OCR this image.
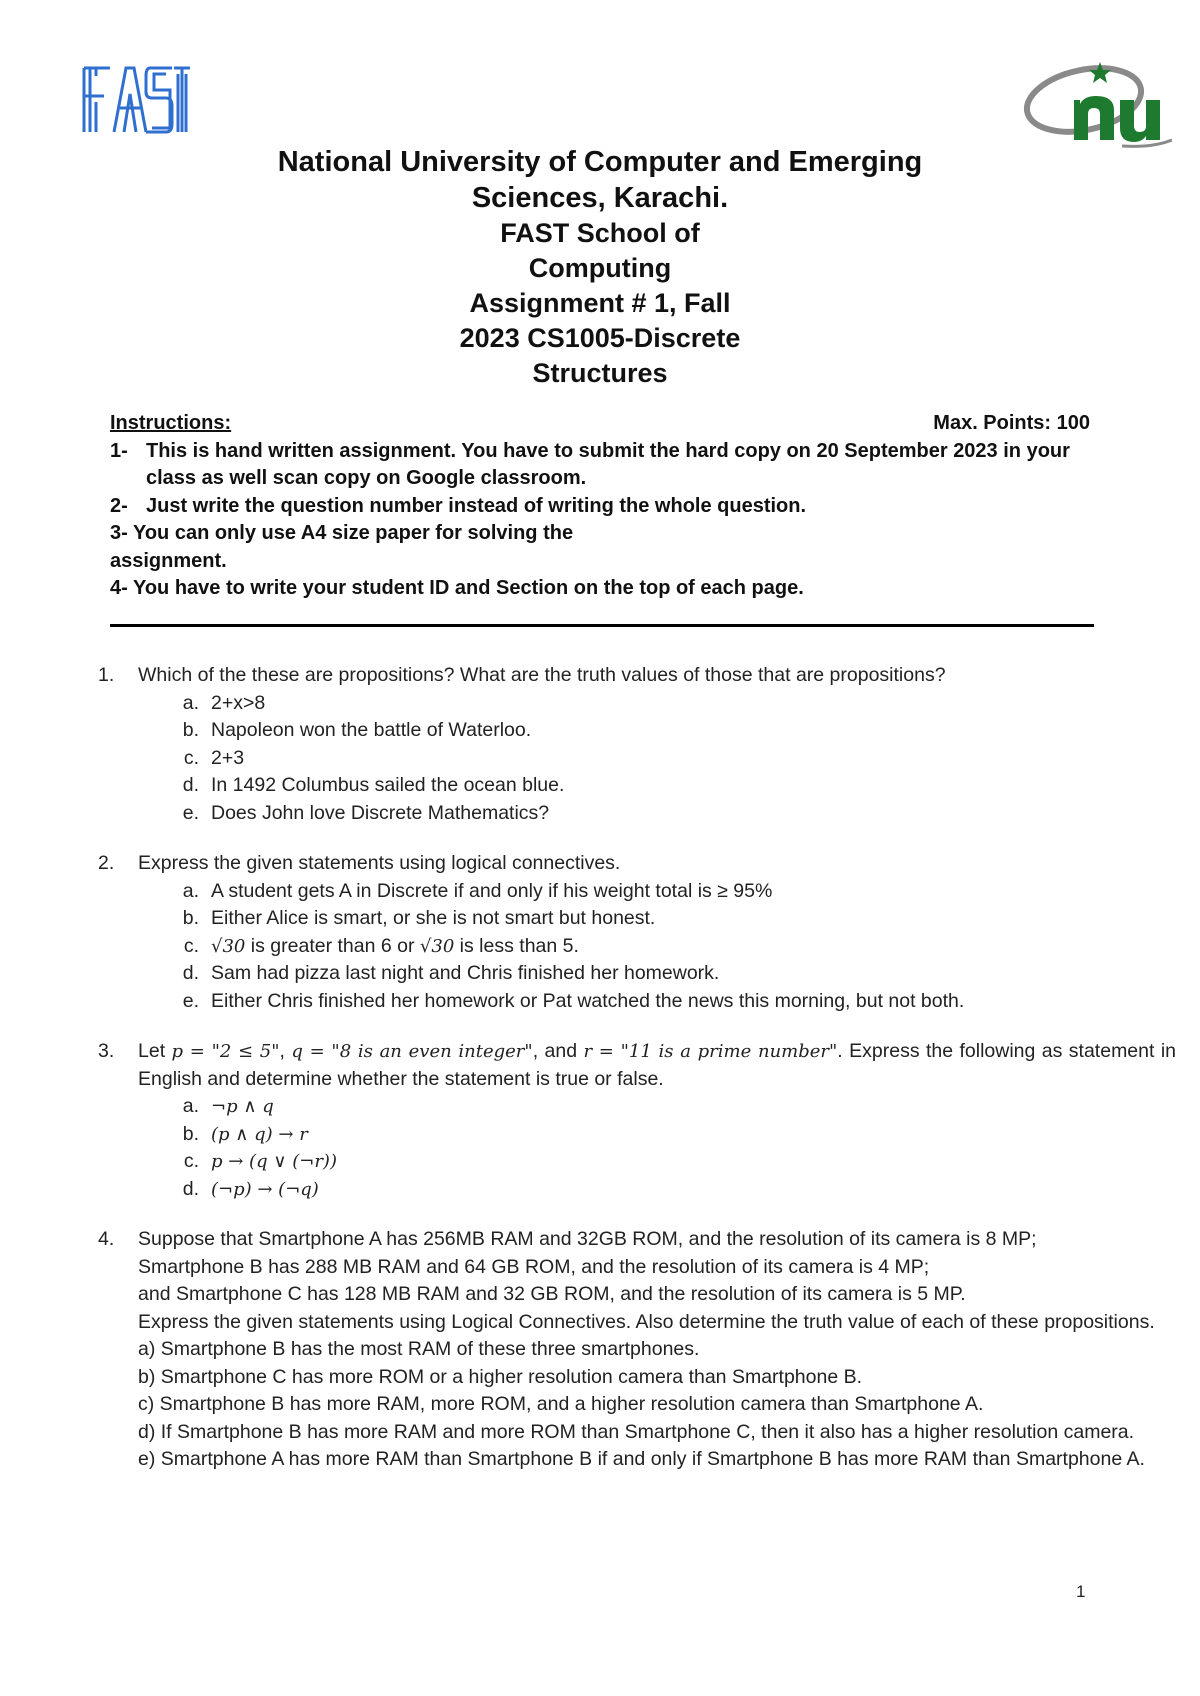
National University of Computer and Emerging
Sciences, Karachi.
FAST School of
Computing
Assignment # 1, Fall
2023 CS1005-Discrete
Structures
Instructions:	Max. Points: 100
1- This is hand written assignment. You have to submit the hard copy on 20 September 2023 in your class as well scan copy on Google classroom.
2- Just write the question number instead of writing the whole question.
3- You can only use A4 size paper for solving the
assignment.
4- You have to write your student ID and Section on the top of each page.
1.	Which of the these are propositions? What are the truth values of those that are propositions?
a. 2+x>8
b. Napoleon won the battle of Waterloo.
c. 2+3
d. In 1492 Columbus sailed the ocean blue.
e. Does John love Discrete Mathematics?
2.	Express the given statements using logical connectives.
a. A student gets A in Discrete if and only if his weight total is ≥ 95%
b. Either Alice is smart, or she is not smart but honest.
c. √30 is greater than 6 or √30 is less than 5.
d. Sam had pizza last night and Chris finished her homework.
e. Either Chris finished her homework or Pat watched the news this morning, but not both.
3.	Let p = "2 ≤ 5", q = "8 is an even integer", and r = "11 is a prime number". Express the following as statement in English and determine whether the statement is true or false.
a. ¬p ∧ q
b. (p ∧ q) → r
c. p → (q ∨ (¬r))
d. (¬p) → (¬q)
4.	Suppose that Smartphone A has 256MB RAM and 32GB ROM, and the resolution of its camera is 8 MP;
Smartphone B has 288 MB RAM and 64 GB ROM, and the resolution of its camera is 4 MP;
and Smartphone C has 128 MB RAM and 32 GB ROM, and the resolution of its camera is 5 MP.
Express the given statements using Logical Connectives. Also determine the truth value of each of these propositions.
a) Smartphone B has the most RAM of these three smartphones.
b) Smartphone C has more ROM or a higher resolution camera than Smartphone B.
c) Smartphone B has more RAM, more ROM, and a higher resolution camera than Smartphone A.
d) If Smartphone B has more RAM and more ROM than Smartphone C, then it also has a higher resolution camera.
e) Smartphone A has more RAM than Smartphone B if and only if Smartphone B has more RAM than Smartphone A.
1
